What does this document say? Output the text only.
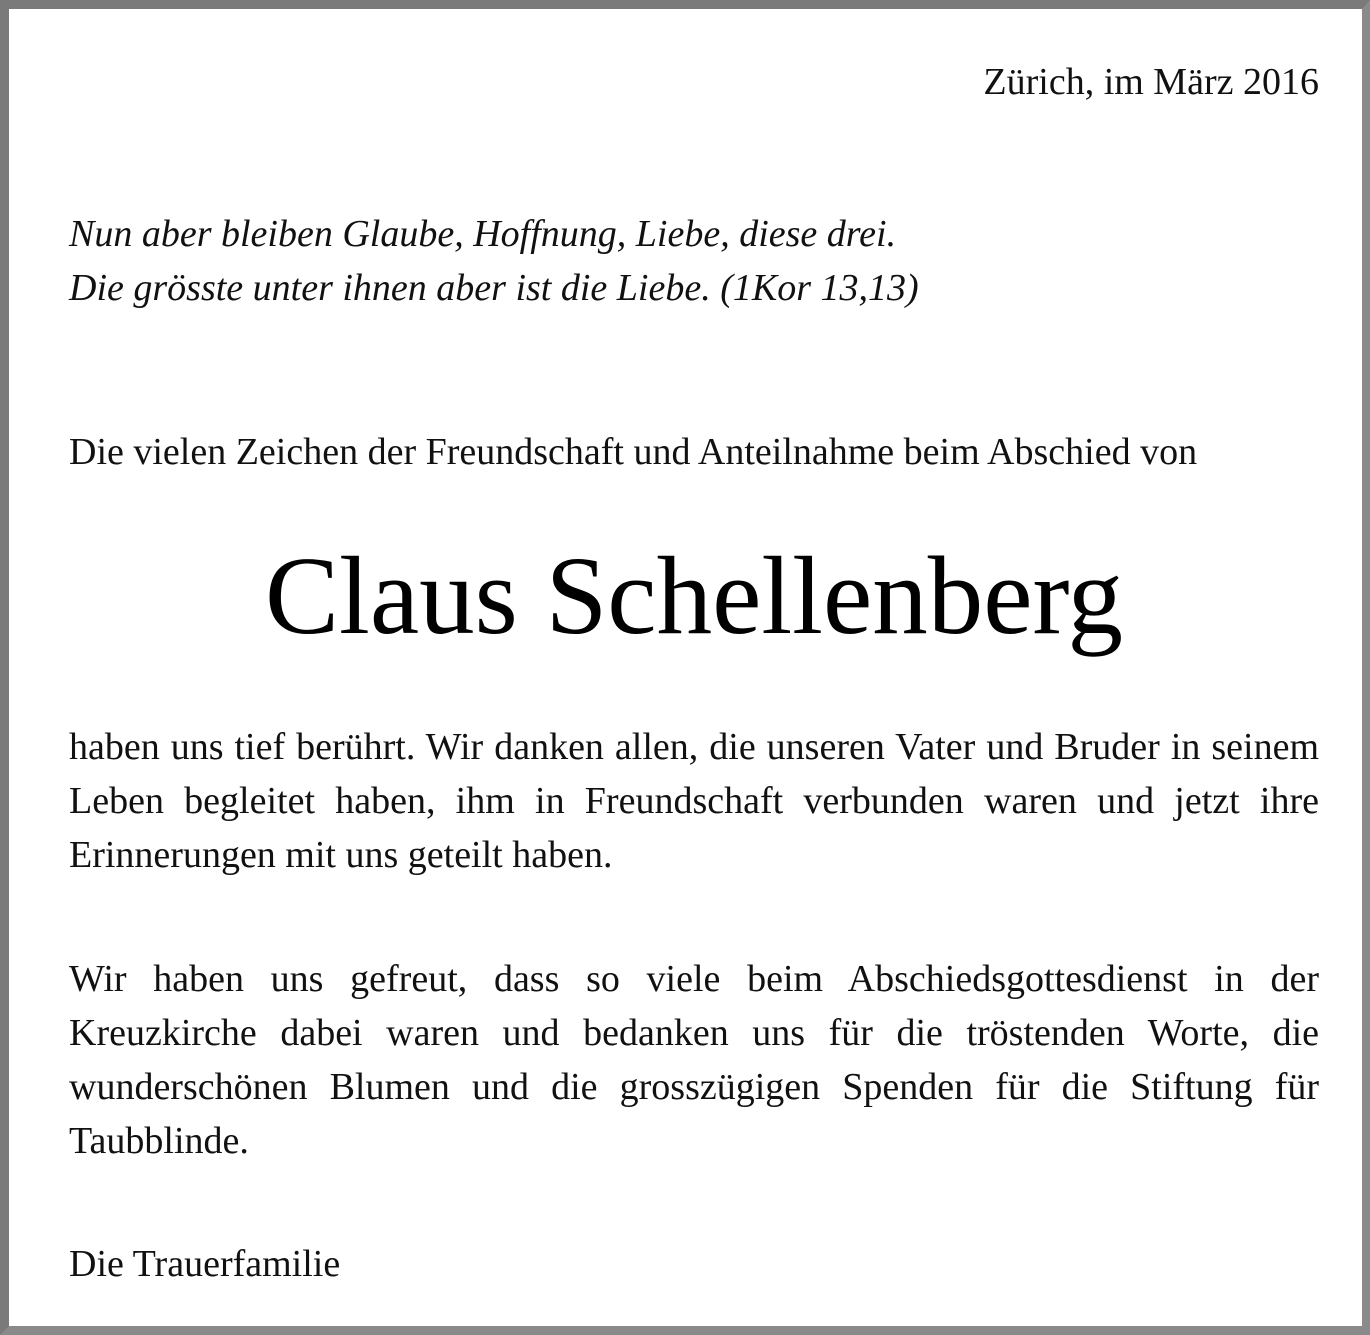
Zürich, im März 2016
Nun aber bleiben Glaube, Hoffnung, Liebe, diese drei.
Die grösste unter ihnen aber ist die Liebe. (1Kor 13,13)
Die vielen Zeichen der Freundschaft und Anteilnahme beim Abschied von
Claus Schellenberg
haben uns tief berührt. Wir danken allen, die unseren Vater und Bruder in seinem Leben begleitet haben, ihm in Freundschaft verbunden waren und jetzt ihre Erinnerungen mit uns geteilt haben.
Wir haben uns gefreut, dass so viele beim Abschiedsgottesdienst in der Kreuzkirche dabei waren und bedanken uns für die tröstenden Worte, die wunderschönen Blumen und die grosszügigen Spenden für die Stiftung für Taubblinde.
Die Trauerfamilie
